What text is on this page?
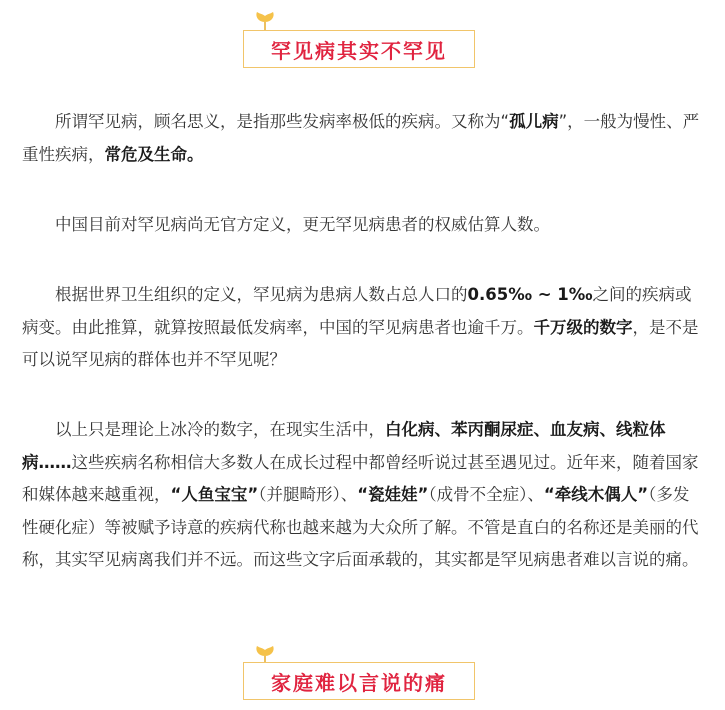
罕见病其实不罕见

所谓罕见病，顾名思义，是指那些发病率极低的疾病。又称为“孤儿病”，一般为慢性、严重性疾病，常危及生命。

中国目前对罕见病尚无官方定义，更无罕见病患者的权威估算人数。

根据世界卫生组织的定义，罕见病为患病人数占总人口的0.65‰ ~ 1‰之间的疾病或病变。由此推算，就算按照最低发病率，中国的罕见病患者也逾千万。千万级的数字，是不是可以说罕见病的群体也并不罕见呢？

以上只是理论上冰冷的数字，在现实生活中，白化病、苯丙酮尿症、血友病、线粒体病……这些疾病名称相信大多数人在成长过程中都曾经听说过甚至遇见过。近年来，随着国家和媒体越来越重视，“人鱼宝宝”（并腿畸形）、“瓷娃娃”（成骨不全症）、“牵线木偶人”（多发性硬化症）等被赋予诗意的疾病代称也越来越为大众所了解。不管是直白的名称还是美丽的代称，其实罕见病离我们并不远。而这些文字后面承载的，其实都是罕见病患者难以言说的痛。

家庭难以言说的痛
